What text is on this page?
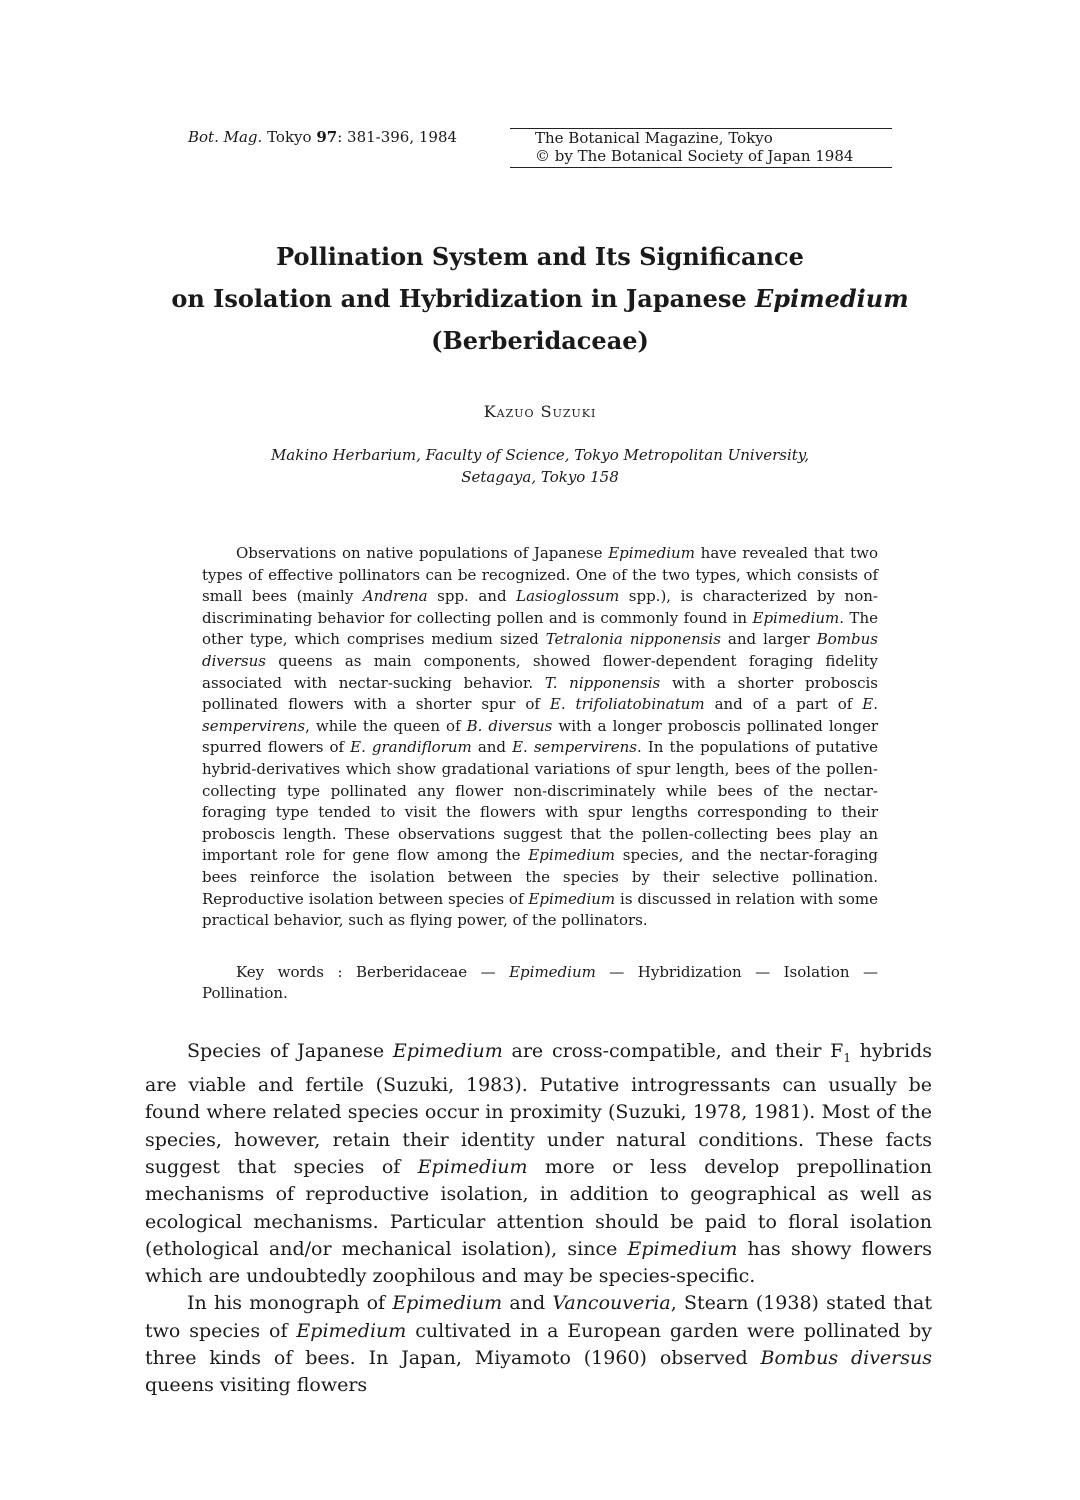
Bot. Mag. Tokyo 97: 381-396, 1984	The Botanical Magazine, Tokyo
© by The Botanical Society of Japan 1984
Pollination System and Its Significance
on Isolation and Hybridization in Japanese Epimedium
(Berberidaceae)
Kazuo Suzuki
Makino Herbarium, Faculty of Science, Tokyo Metropolitan University,
Setagaya, Tokyo 158

Observations on native populations of Japanese Epimedium have revealed that two types of effective pollinators can be recognized. One of the two types, which consists of small bees (mainly Andrena spp. and Lasioglossum spp.), is characterized by non-discriminating behavior for collecting pollen and is commonly found in Epimedium. The other type, which comprises medium sized Tetralonia nipponensis and larger Bombus diversus queens as main components, showed flower-dependent foraging fidelity associated with nectar-sucking behavior. T. nipponensis with a shorter proboscis pollinated flowers with a shorter spur of E. trifoliatobinatum and of a part of E. sempervirens, while the queen of B. diversus with a longer proboscis pollinated longer spurred flowers of E. grandiflorum and E. sempervirens. In the populations of putative hybrid-derivatives which show gradational variations of spur length, bees of the pollen-collecting type pollinated any flower non-discriminately while bees of the nectar-foraging type tended to visit the flowers with spur lengths corresponding to their proboscis length. These observations suggest that the pollen-collecting bees play an important role for gene flow among the Epimedium species, and the nectar-foraging bees reinforce the isolation between the species by their selective pollination. Reproductive isolation between species of Epimedium is discussed in relation with some practical behavior, such as flying power, of the pollinators.

Key words : Berberidaceae — Epimedium — Hybridization — Isolation — Pollination.

Species of Japanese Epimedium are cross-compatible, and their $F_1$ hybrids are viable and fertile (Suzuki, 1983). Putative introgressants can usually be found where related species occur in proximity (Suzuki, 1978, 1981). Most of the species, however, retain their identity under natural conditions. These facts suggest that species of Epimedium more or less develop prepollination mechanisms of reproductive isolation, in addition to geographical as well as ecological mechanisms. Particular attention should be paid to floral isolation (ethological and/or mechanical isolation), since Epimedium has showy flowers which are undoubtedly zoophilous and may be species-specific.

In his monograph of Epimedium and Vancouveria, Stearn (1938) stated that two species of Epimedium cultivated in a European garden were pollinated by three kinds of bees. In Japan, Miyamoto (1960) observed Bombus diversus queens visiting flowers
